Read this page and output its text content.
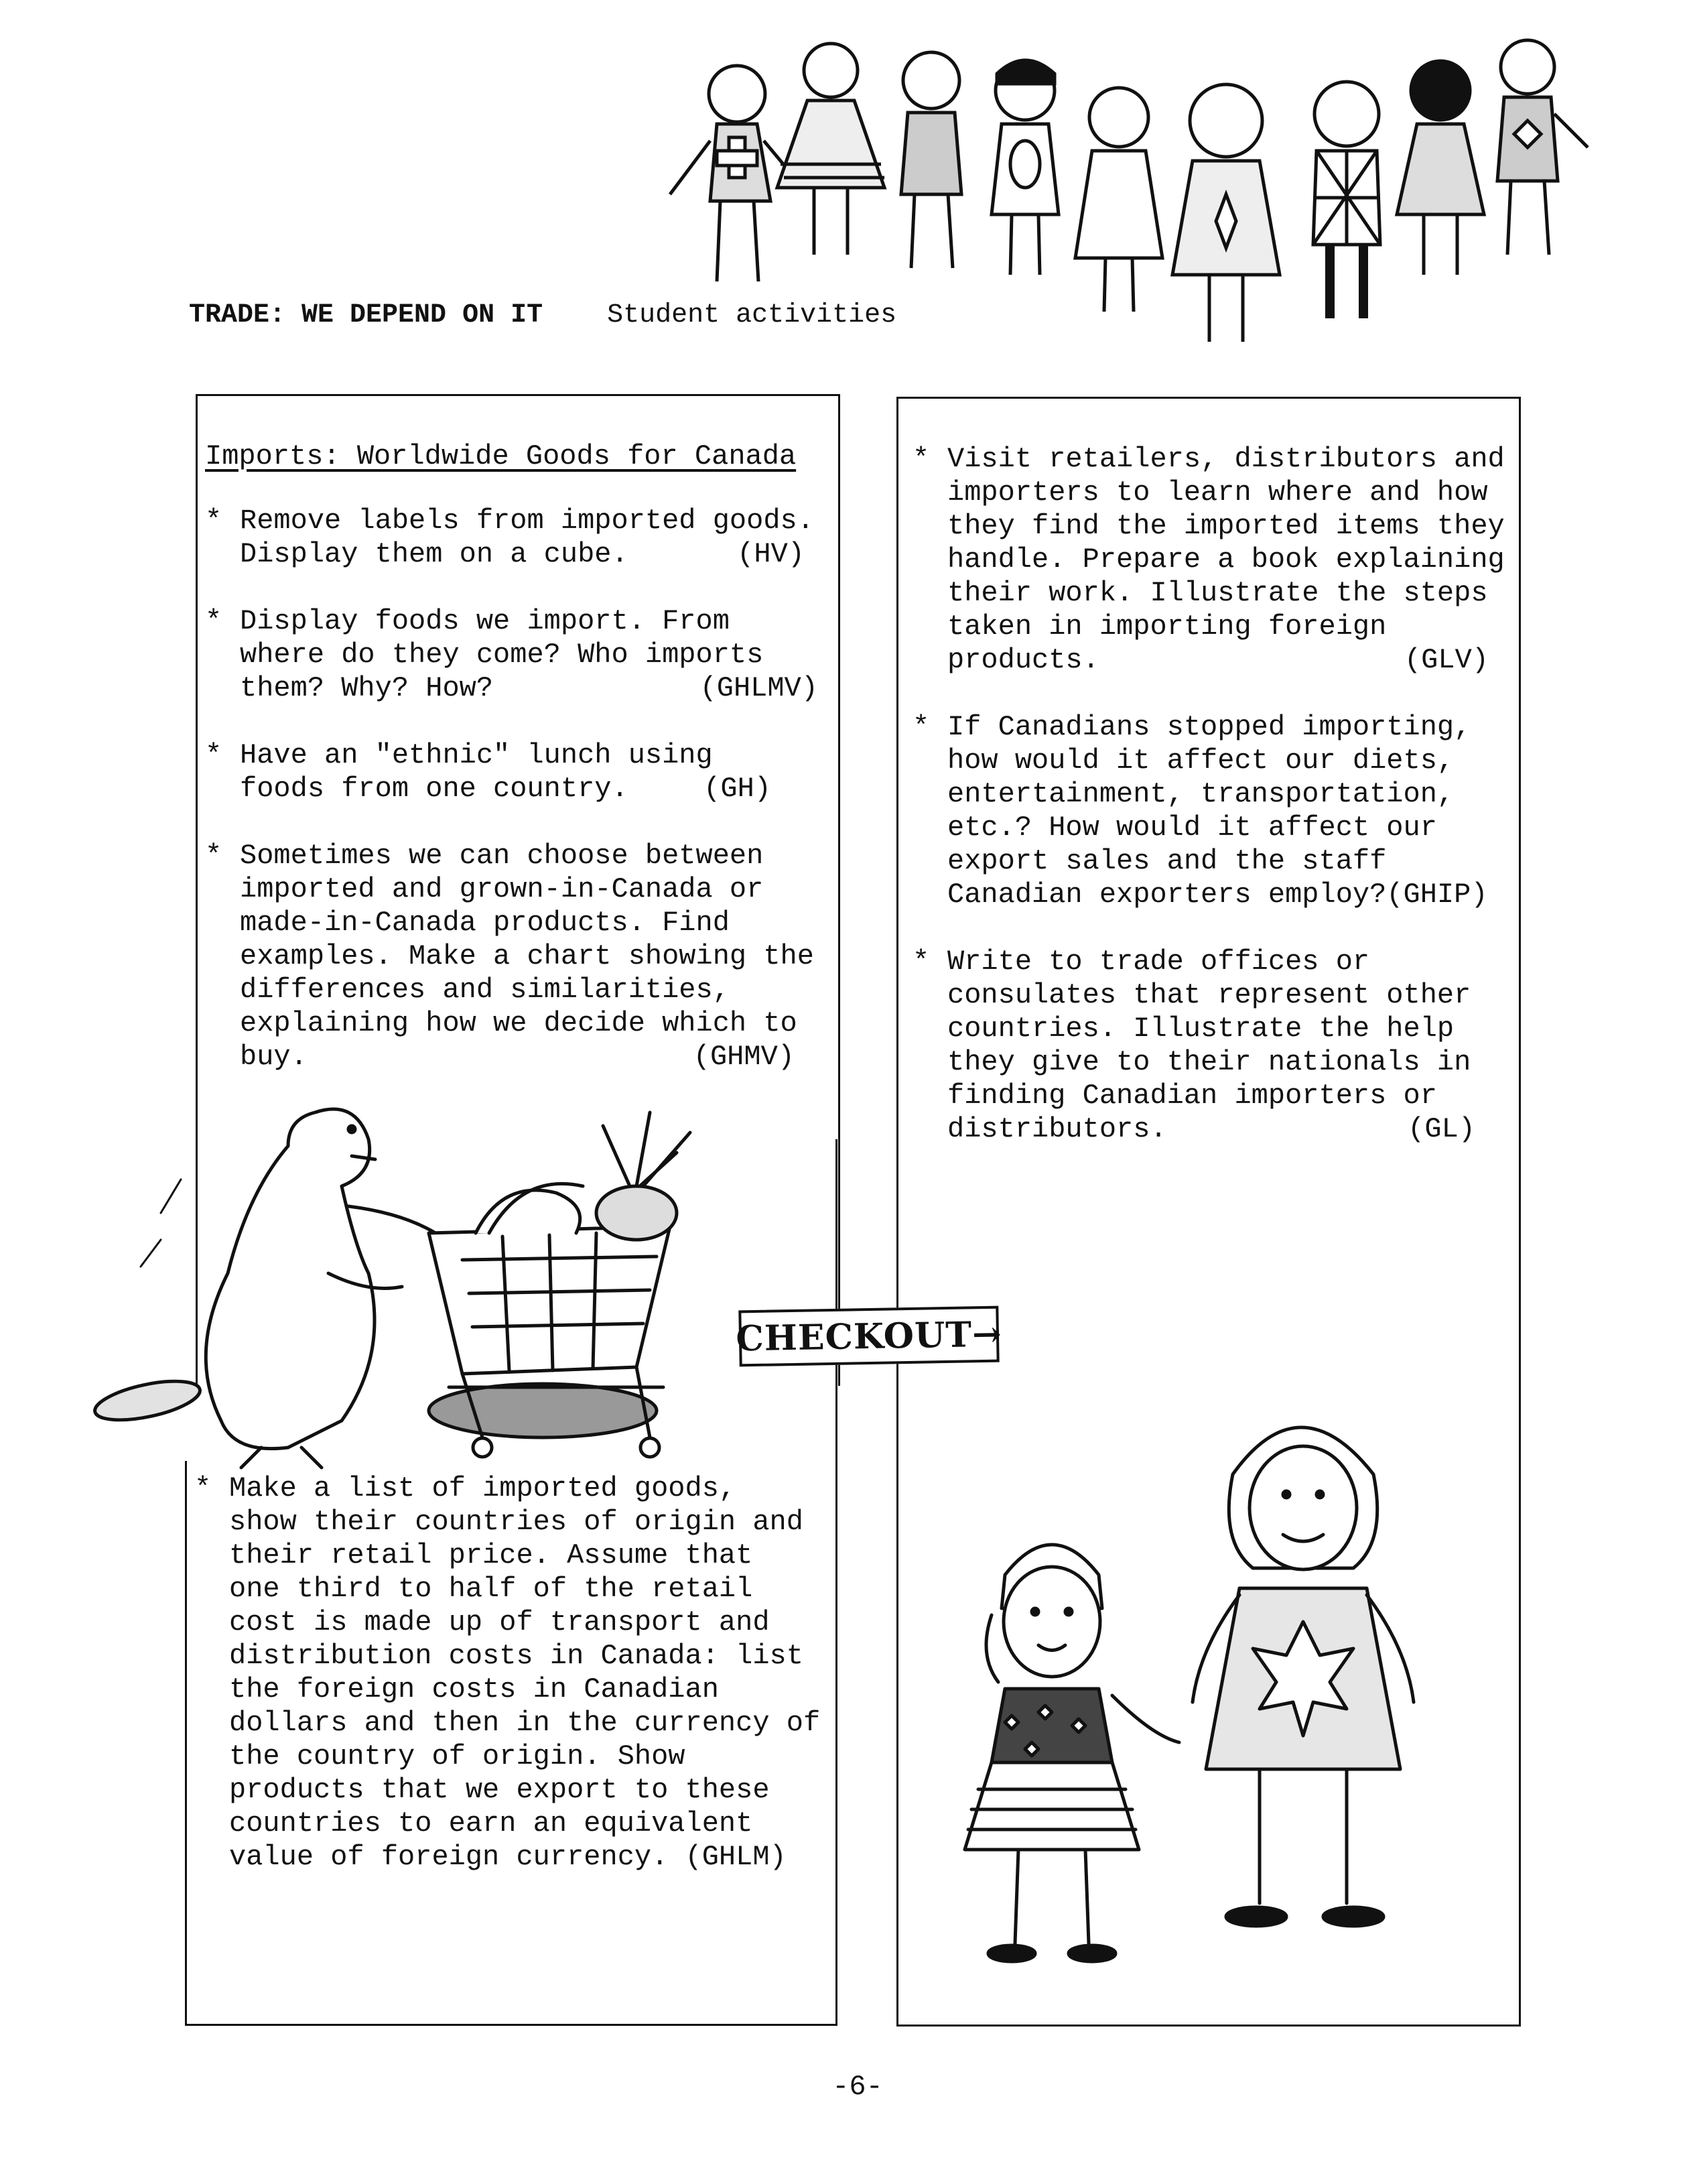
TRADE: WE DEPEND ON IT Student activities
Imports: Worldwide Goods for Canada
* Remove labels from imported goods.

Display them on a cube.	(HV)

* Display foods we import. From

where do they come? Who imports

them? Why? How?	(GHLMV)

* Have an "ethnic" lunch using

foods from one country.	(GH)

* Sometimes we can choose between

imported and grown-in-Canada or

made-in-Canada products. Find

examples. Make a chart showing the

differences and similarities,

explaining how we decide which to

buy.	(GHMV)

CHECKOUT→
* Make a list of imported goods,

show their countries of origin and

their retail price. Assume that

one third to half of the retail

cost is made up of transport and

distribution costs in Canada: list

the foreign costs in Canadian

dollars and then in the currency of

the country of origin. Show

products that we export to these

countries to earn an equivalent

value of foreign currency. (GHLM)

* Visit retailers, distributors and

importers to learn where and how

they find the imported items they

handle. Prepare a book explaining

their work. Illustrate the steps

taken in importing foreign

products.	(GLV)

* If Canadians stopped importing,

how would it affect our diets,

entertainment, transportation,

etc.? How would it affect our

export sales and the staff

Canadian exporters employ?(GHIP)

* Write to trade offices or

consulates that represent other

countries. Illustrate the help

they give to their nationals in

finding Canadian importers or

distributors.	(GL)

-6-
